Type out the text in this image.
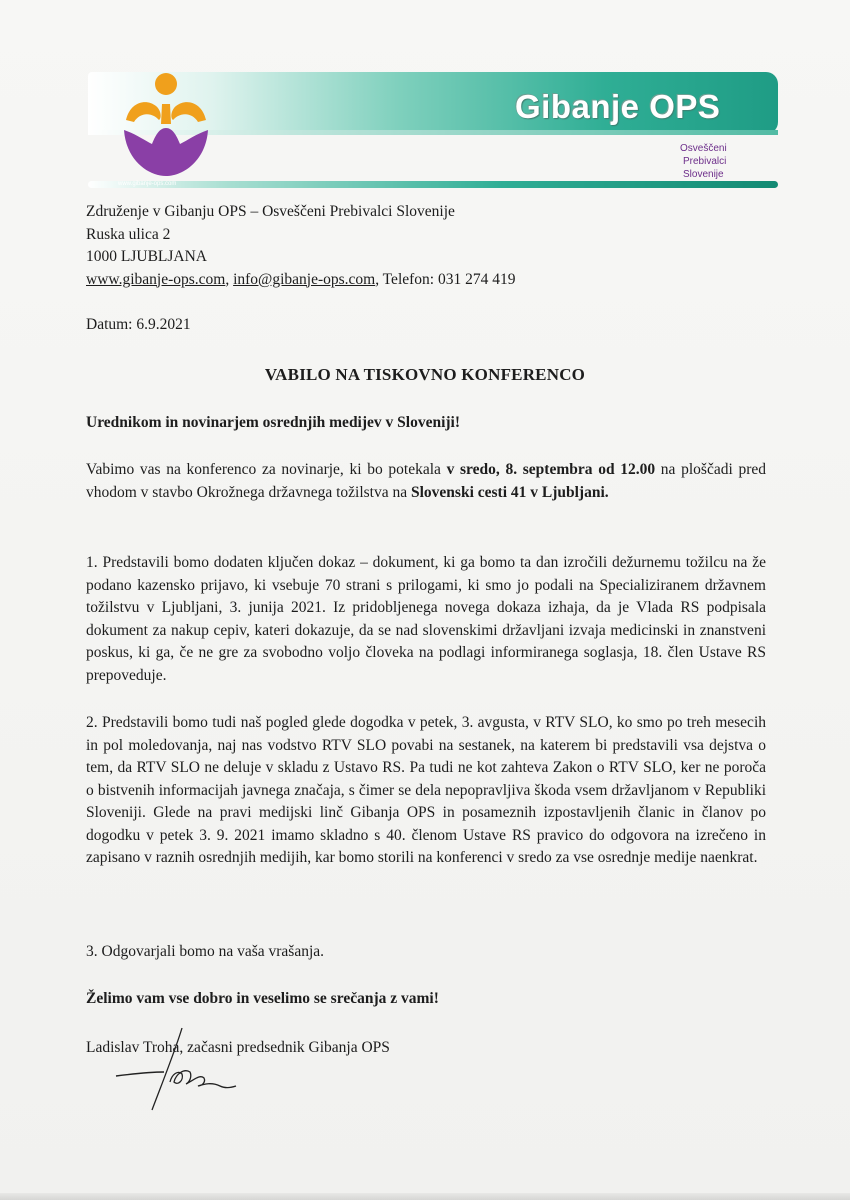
Gibanje OPS
Osveščeni
Prebivalci
Slovenije
www.gibanje-ops.com
Združenje v Gibanju OPS – Osveščeni Prebivalci Slovenije
Ruska ulica 2
1000 LJUBLJANA
www.gibanje-ops.com, info@gibanje-ops.com, Telefon: 031 274 419
Datum: 6.9.2021
VABILO NA TISKOVNO KONFERENCO
Urednikom in novinarjem osrednjih medijev v Sloveniji!
Vabimo vas na konferenco za novinarje, ki bo potekala v sredo, 8. septembra od 12.00 na ploščadi pred vhodom v stavbo Okrožnega državnega tožilstva na Slovenski cesti 41 v Ljubljani.
1. Predstavili bomo dodaten ključen dokaz – dokument, ki ga bomo ta dan izročili dežurnemu tožilcu na že podano kazensko prijavo, ki vsebuje 70 strani s prilogami, ki smo jo podali na Specializiranem državnem tožilstvu v Ljubljani, 3. junija 2021. Iz pridobljenega novega dokaza izhaja, da je Vlada RS podpisala dokument za nakup cepiv, kateri dokazuje, da se nad slovenskimi državljani izvaja medicinski in znanstveni poskus, ki ga, če ne gre za svobodno voljo človeka na podlagi informiranega soglasja, 18. člen Ustave RS prepoveduje.
2. Predstavili bomo tudi naš pogled glede dogodka v petek, 3. avgusta, v RTV SLO, ko smo po treh mesecih in pol moledovanja, naj nas vodstvo RTV SLO povabi na sestanek, na katerem bi predstavili vsa dejstva o tem, da RTV SLO ne deluje v skladu z Ustavo RS. Pa tudi ne kot zahteva Zakon o RTV SLO, ker ne poroča o bistvenih informacijah javnega značaja, s čimer se dela nepopravljiva škoda vsem državljanom v Republiki Sloveniji. Glede na pravi medijski linč Gibanja OPS in posameznih izpostavljenih članic in članov po dogodku v petek 3. 9. 2021 imamo skladno s 40. členom Ustave RS pravico do odgovora na izrečeno in zapisano v raznih osrednjih medijih, kar bomo storili na konferenci v sredo za vse osrednje medije naenkrat.
3. Odgovarjali bomo na vaša vrašanja.
Želimo vam vse dobro in veselimo se srečanja z vami!
Ladislav Troha, začasni predsednik Gibanja OPS
